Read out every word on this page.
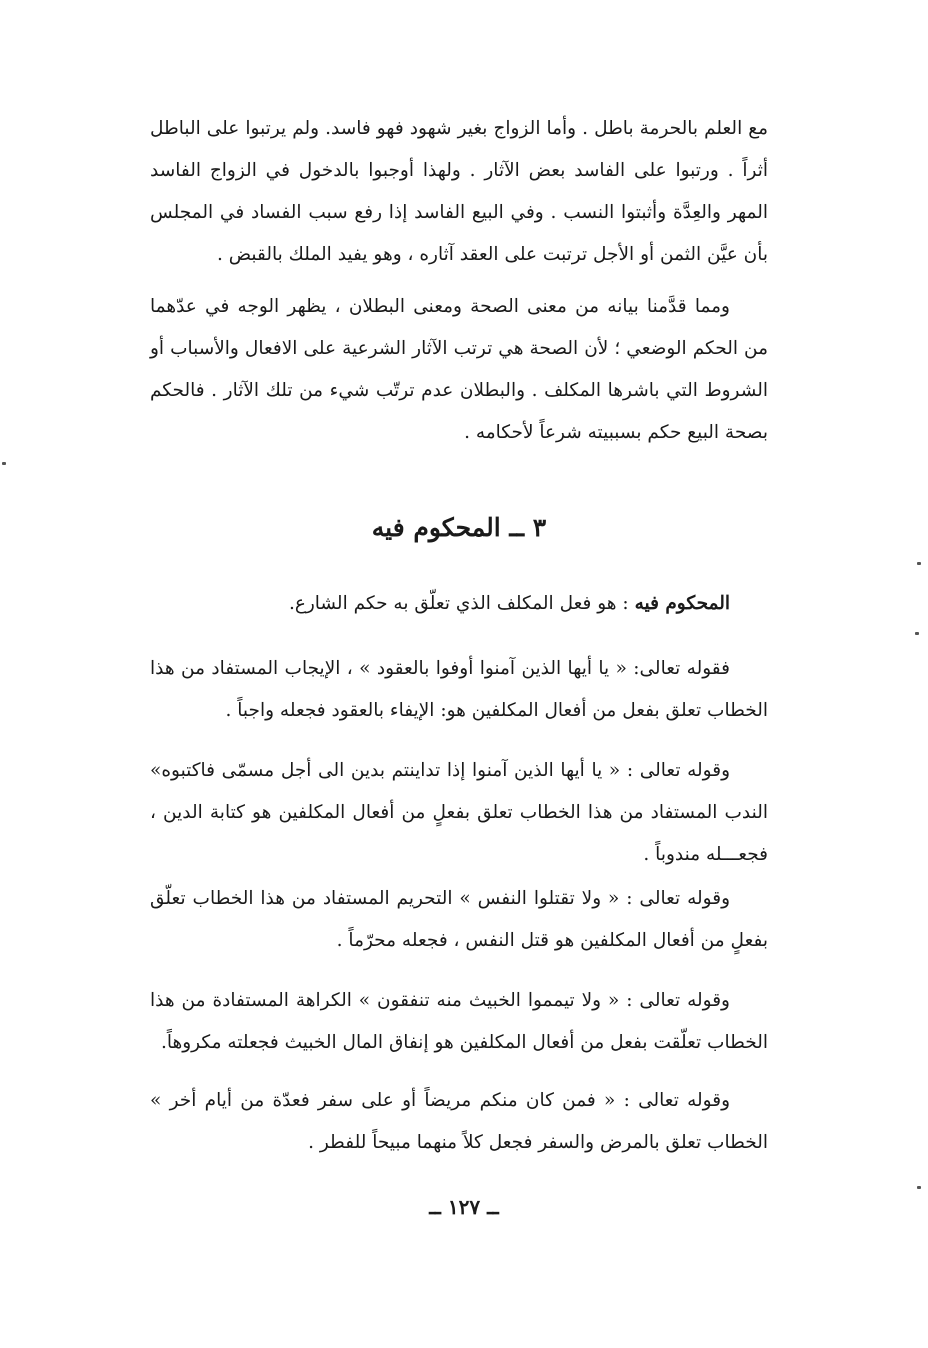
مع العلم بالحرمة باطل . وأما الزواج بغير شهود فهو فاسد. ولم يرتبوا على الباطل أثراً . ورتبوا على الفاسد بعض الآثار . ولهذا أوجبوا بالدخول في الزواج الفاسد المهر والعِدَّة وأثبتوا النسب . وفي البيع الفاسد إذا رفع سبب الفساد في المجلس بأن عيَّن الثمن أو الأجل ترتبت على العقد آثاره ، وهو يفيد الملك بالقبض .

ومما قدَّمنا بيانه من معنى الصحة ومعنى البطلان ، يظهر الوجه في عدّهما من الحكم الوضعي ؛ لأن الصحة هي ترتب الآثار الشرعية على الافعال والأسباب أو الشروط التي باشرها المكلف . والبطلان عدم ترتّب شيء من تلك الآثار . فالحكم بصحة البيع حكم بسببيته شرعاً لأحكامه .

٣ ــ المحكوم فيه
المحكوم فيه : هو فعل المكلف الذي تعلّق به حكم الشارع.

فقوله تعالى: « يا أيها الذين آمنوا أوفوا بالعقود » ، الإيجاب المستفاد من هذا الخطاب تعلق بفعل من أفعال المكلفين هو: الإيفاء بالعقود فجعله واجباً .

وقوله تعالى : « يا أيها الذين آمنوا إذا تداينتم بدين الى أجل مسمّى فاكتبوه» الندب المستفاد من هذا الخطاب تعلق بفعلٍ من أفعال المكلفين هو كتابة الدين ، فجعـــله مندوباً .

وقوله تعالى : « ولا تقتلوا النفس » التحريم المستفاد من هذا الخطاب تعلّق بفعلٍ من أفعال المكلفين هو قتل النفس ، فجعله محرّماً .

وقوله تعالى : « ولا تيمموا الخبيث منه تنفقون » الكراهة المستفادة من هذا الخطاب تعلّقت بفعل من أفعال المكلفين هو إنفاق المال الخبيث فجعلته مكروهاً.

وقوله تعالى : « فمن كان منكم مريضاً أو على سفر فعدّة من أيام أخر » الخطاب تعلق بالمرض والسفر فجعل كلاً منهما مبيحاً للفطر .

ــ ١٢٧ ــ
